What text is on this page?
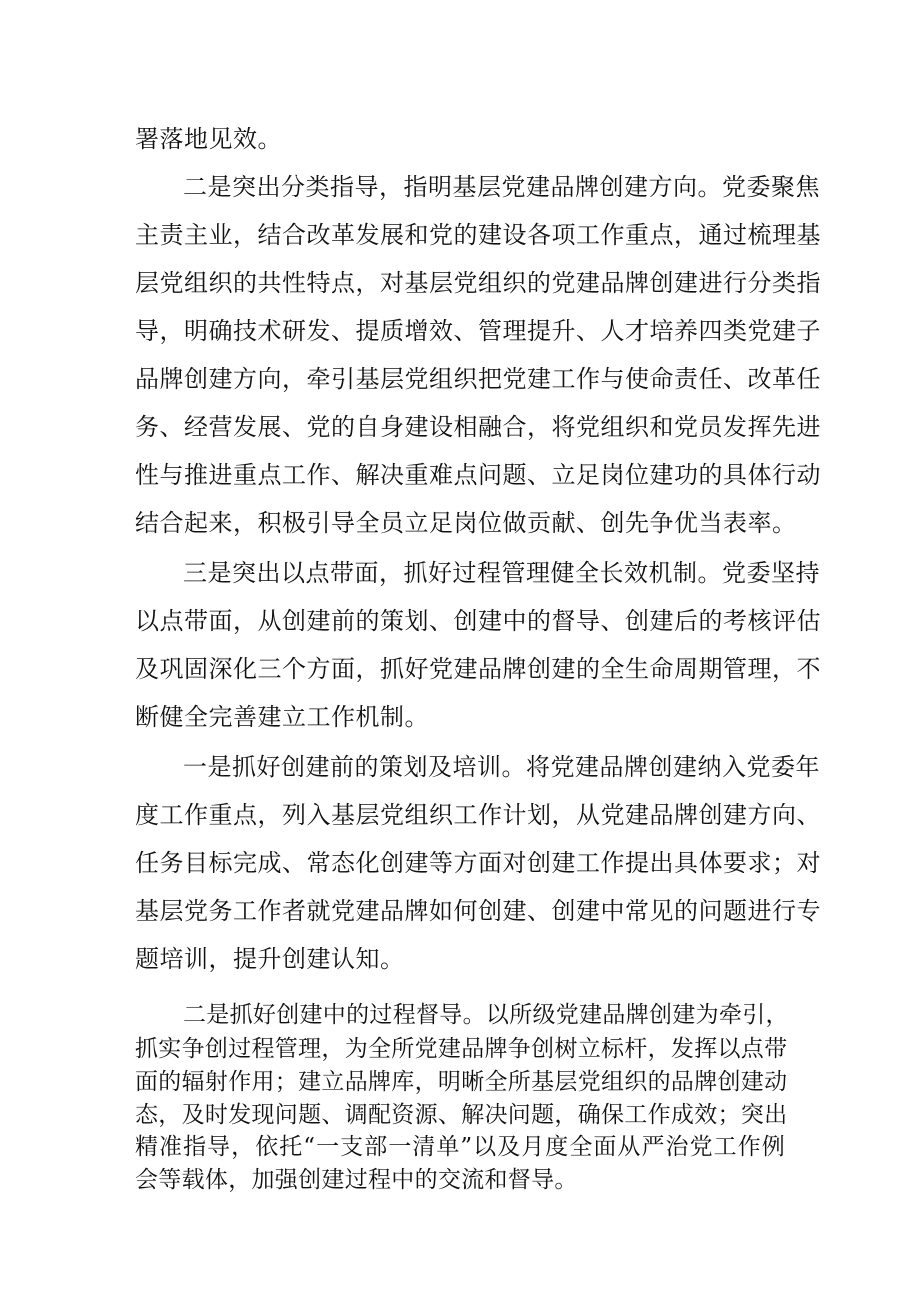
署落地见效。
二是突出分类指导，指明基层党建品牌创建方向。党委聚焦
主责主业，结合改革发展和党的建设各项工作重点，通过梳理基
层党组织的共性特点，对基层党组织的党建品牌创建进行分类指
导，明确技术研发、提质增效、管理提升、人才培养四类党建子
品牌创建方向，牵引基层党组织把党建工作与使命责任、改革任
务、经营发展、党的自身建设相融合，将党组织和党员发挥先进
性与推进重点工作、解决重难点问题、立足岗位建功的具体行动
结合起来，积极引导全员立足岗位做贡献、创先争优当表率。
三是突出以点带面，抓好过程管理健全长效机制。党委坚持
以点带面，从创建前的策划、创建中的督导、创建后的考核评估
及巩固深化三个方面，抓好党建品牌创建的全生命周期管理，不
断健全完善建立工作机制。
一是抓好创建前的策划及培训。将党建品牌创建纳入党委年
度工作重点，列入基层党组织工作计划，从党建品牌创建方向、
任务目标完成、常态化创建等方面对创建工作提出具体要求；对
基层党务工作者就党建品牌如何创建、创建中常见的问题进行专
题培训，提升创建认知。
二是抓好创建中的过程督导。以所级党建品牌创建为牵引，
抓实争创过程管理，为全所党建品牌争创树立标杆，发挥以点带
面的辐射作用；建立品牌库，明晰全所基层党组织的品牌创建动
态，及时发现问题、调配资源、解决问题，确保工作成效；突出
精准指导，依托“一支部一清单”以及月度全面从严治党工作例
会等载体，加强创建过程中的交流和督导。
